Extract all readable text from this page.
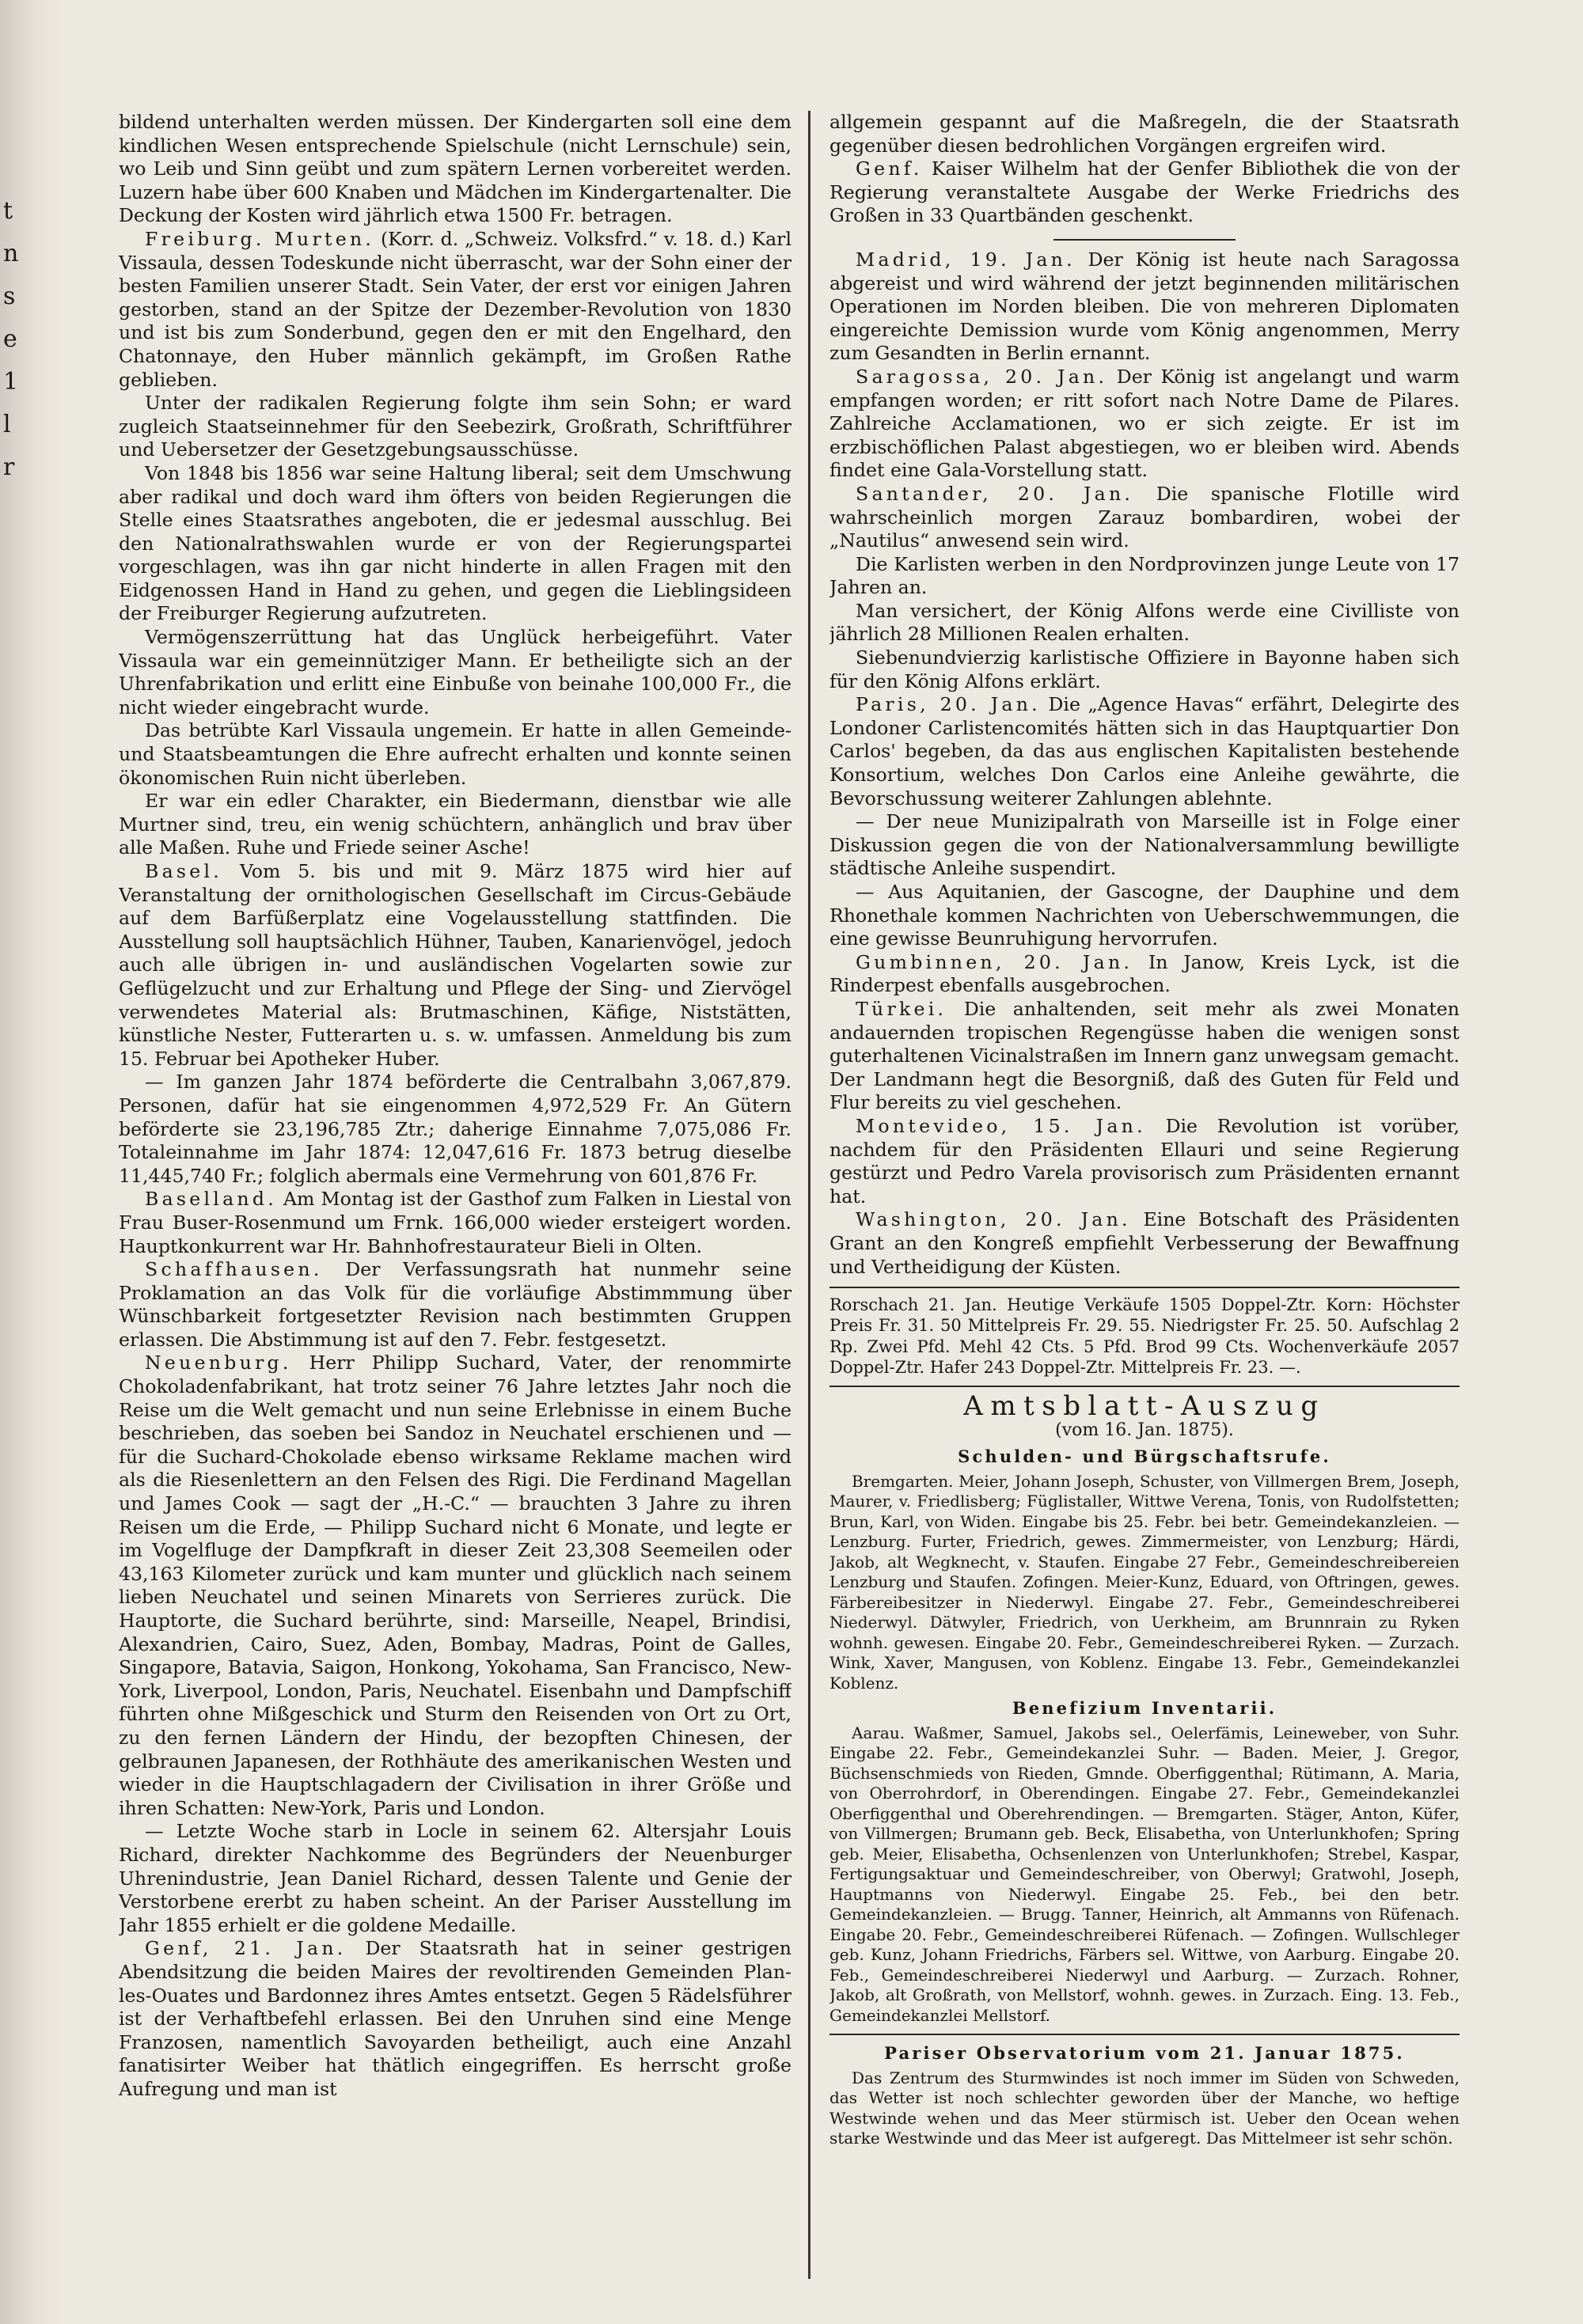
t
n
s
e
1
l
r

bildend unterhalten werden müssen. Der Kindergarten soll eine dem kindlichen Wesen entsprechende Spielschule (nicht Lernschule) sein, wo Leib und Sinn geübt und zum spätern Lernen vorbereitet werden. Luzern habe über 600 Knaben und Mädchen im Kindergartenalter. Die Deckung der Kosten wird jährlich etwa 1500 Fr. betragen.

Freiburg. Murten. (Korr. d. „Schweiz. Volksfrd.“ v. 18. d.) Karl Vissaula, dessen Todeskunde nicht überrascht, war der Sohn einer der besten Familien unserer Stadt. Sein Vater, der erst vor einigen Jahren gestorben, stand an der Spitze der Dezember-Revolution von 1830 und ist bis zum Sonderbund, gegen den er mit den Engelhard, den Chatonnaye, den Huber männlich gekämpft, im Großen Rathe geblieben.

Unter der radikalen Regierung folgte ihm sein Sohn; er ward zugleich Staatseinnehmer für den Seebezirk, Großrath, Schriftführer und Uebersetzer der Gesetzgebungsausschüsse.

Von 1848 bis 1856 war seine Haltung liberal; seit dem Umschwung aber radikal und doch ward ihm öfters von beiden Regierungen die Stelle eines Staatsrathes angeboten, die er jedesmal ausschlug. Bei den Nationalrathswahlen wurde er von der Regierungspartei vorgeschlagen, was ihn gar nicht hinderte in allen Fragen mit den Eidgenossen Hand in Hand zu gehen, und gegen die Lieblingsideen der Freiburger Regierung aufzutreten.

Vermögenszerrüttung hat das Unglück herbeigeführt. Vater Vissaula war ein gemeinnütziger Mann. Er betheiligte sich an der Uhrenfabrikation und erlitt eine Einbuße von beinahe 100,000 Fr., die nicht wieder eingebracht wurde.

Das betrübte Karl Vissaula ungemein. Er hatte in allen Gemeinde- und Staatsbeamtungen die Ehre aufrecht erhalten und konnte seinen ökonomischen Ruin nicht überleben.

Er war ein edler Charakter, ein Biedermann, dienstbar wie alle Murtner sind, treu, ein wenig schüchtern, anhänglich und brav über alle Maßen. Ruhe und Friede seiner Asche!

Basel. Vom 5. bis und mit 9. März 1875 wird hier auf Veranstaltung der ornithologischen Gesellschaft im Circus-Gebäude auf dem Barfüßerplatz eine Vogelausstellung stattfinden. Die Ausstellung soll hauptsächlich Hühner, Tauben, Kanarienvögel, jedoch auch alle übrigen in- und ausländischen Vogelarten sowie zur Geflügelzucht und zur Erhaltung und Pflege der Sing- und Ziervögel verwendetes Material als: Brutmaschinen, Käfige, Niststätten, künstliche Nester, Futterarten u. s. w. umfassen. Anmeldung bis zum 15. Februar bei Apotheker Huber.

— Im ganzen Jahr 1874 beförderte die Centralbahn 3,067,879. Personen, dafür hat sie eingenommen 4,972,529 Fr. An Gütern beförderte sie 23,196,785 Ztr.; daherige Einnahme 7,075,086 Fr. Totaleinnahme im Jahr 1874: 12,047,616 Fr. 1873 betrug dieselbe 11,445,740 Fr.; folglich abermals eine Vermehrung von 601,876 Fr.

Baselland. Am Montag ist der Gasthof zum Falken in Liestal von Frau Buser-Rosenmund um Frnk. 166,000 wieder ersteigert worden. Hauptkonkurrent war Hr. Bahnhofrestaurateur Bieli in Olten.

Schaffhausen. Der Verfassungsrath hat nunmehr seine Proklamation an das Volk für die vorläufige Abstimmmung über Wünschbarkeit fortgesetzter Revision nach bestimmten Gruppen erlassen. Die Abstimmung ist auf den 7. Febr. festgesetzt.

Neuenburg. Herr Philipp Suchard, Vater, der renommirte Chokoladenfabrikant, hat trotz seiner 76 Jahre letztes Jahr noch die Reise um die Welt gemacht und nun seine Erlebnisse in einem Buche beschrieben, das soeben bei Sandoz in Neuchatel erschienen und — für die Suchard-Chokolade ebenso wirksame Reklame machen wird als die Riesenlettern an den Felsen des Rigi. Die Ferdinand Magellan und James Cook — sagt der „H.-C.“ — brauchten 3 Jahre zu ihren Reisen um die Erde, — Philipp Suchard nicht 6 Monate, und legte er im Vogelfluge der Dampfkraft in dieser Zeit 23,308 Seemeilen oder 43,163 Kilometer zurück und kam munter und glücklich nach seinem lieben Neuchatel und seinen Minarets von Serrieres zurück. Die Hauptorte, die Suchard berührte, sind: Marseille, Neapel, Brindisi, Alexandrien, Cairo, Suez, Aden, Bombay, Madras, Point de Galles, Singapore, Batavia, Saigon, Honkong, Yokohama, San Francisco, New-York, Liverpool, London, Paris, Neuchatel. Eisenbahn und Dampfschiff führten ohne Mißgeschick und Sturm den Reisenden von Ort zu Ort, zu den fernen Ländern der Hindu, der bezopften Chinesen, der gelbraunen Japanesen, der Rothhäute des amerikanischen Westen und wieder in die Hauptschlagadern der Civilisation in ihrer Größe und ihren Schatten: New-York, Paris und London.

— Letzte Woche starb in Locle in seinem 62. Altersjahr Louis Richard, direkter Nachkomme des Begründers der Neuenburger Uhrenindustrie, Jean Daniel Richard, dessen Talente und Genie der Verstorbene ererbt zu haben scheint. An der Pariser Ausstellung im Jahr 1855 erhielt er die goldene Medaille.

Genf, 21. Jan. Der Staatsrath hat in seiner gestrigen Abendsitzung die beiden Maires der revoltirenden Gemeinden Plan-les-Ouates und Bardonnez ihres Amtes entsetzt. Gegen 5 Rädelsführer ist der Verhaftbefehl erlassen. Bei den Unruhen sind eine Menge Franzosen, namentlich Savoyarden betheiligt, auch eine Anzahl fanatisirter Weiber hat thätlich eingegriffen. Es herrscht große Aufregung und man ist

allgemein gespannt auf die Maßregeln, die der Staatsrath gegenüber diesen bedrohlichen Vorgängen ergreifen wird.

Genf. Kaiser Wilhelm hat der Genfer Bibliothek die von der Regierung veranstaltete Ausgabe der Werke Friedrichs des Großen in 33 Quartbänden geschenkt.

Madrid, 19. Jan. Der König ist heute nach Saragossa abgereist und wird während der jetzt beginnenden militärischen Operationen im Norden bleiben. Die von mehreren Diplomaten eingereichte Demission wurde vom König angenommen, Merry zum Gesandten in Berlin ernannt.

Saragossa, 20. Jan. Der König ist angelangt und warm empfangen worden; er ritt sofort nach Notre Dame de Pilares. Zahlreiche Acclamationen, wo er sich zeigte. Er ist im erzbischöflichen Palast abgestiegen, wo er bleiben wird. Abends findet eine Gala-Vorstellung statt.

Santander, 20. Jan. Die spanische Flotille wird wahrscheinlich morgen Zarauz bombardiren, wobei der „Nautilus“ anwesend sein wird.

Die Karlisten werben in den Nordprovinzen junge Leute von 17 Jahren an.

Man versichert, der König Alfons werde eine Civilliste von jährlich 28 Millionen Realen erhalten.

Siebenundvierzig karlistische Offiziere in Bayonne haben sich für den König Alfons erklärt.

Paris, 20. Jan. Die „Agence Havas“ erfährt, Delegirte des Londoner Carlistencomités hätten sich in das Hauptquartier Don Carlos' begeben, da das aus englischen Kapitalisten bestehende Konsortium, welches Don Carlos eine Anleihe gewährte, die Bevorschussung weiterer Zahlungen ablehnte.

— Der neue Munizipalrath von Marseille ist in Folge einer Diskussion gegen die von der Nationalversammlung bewilligte städtische Anleihe suspendirt.

— Aus Aquitanien, der Gascogne, der Dauphine und dem Rhonethale kommen Nachrichten von Ueberschwemmungen, die eine gewisse Beunruhigung hervorrufen.

Gumbinnen, 20. Jan. In Janow, Kreis Lyck, ist die Rinderpest ebenfalls ausgebrochen.

Türkei. Die anhaltenden, seit mehr als zwei Monaten andauernden tropischen Regengüsse haben die wenigen sonst guterhaltenen Vicinalstraßen im Innern ganz unwegsam gemacht. Der Landmann hegt die Besorgniß, daß des Guten für Feld und Flur bereits zu viel geschehen.

Montevideo, 15. Jan. Die Revolution ist vorüber, nachdem für den Präsidenten Ellauri und seine Regierung gestürzt und Pedro Varela provisorisch zum Präsidenten ernannt hat.

Washington, 20. Jan. Eine Botschaft des Präsidenten Grant an den Kongreß empfiehlt Verbesserung der Bewaffnung und Vertheidigung der Küsten.

Rorschach 21. Jan. Heutige Verkäufe 1505 Doppel-Ztr. Korn: Höchster Preis Fr. 31. 50 Mittelpreis Fr. 29. 55. Niedrigster Fr. 25. 50. Aufschlag 2 Rp. Zwei Pfd. Mehl 42 Cts. 5 Pfd. Brod 99 Cts. Wochenverkäufe 2057 Doppel-Ztr. Hafer 243 Doppel-Ztr. Mittelpreis Fr. 23. —.

Amtsblatt-Auszug
(vom 16. Jan. 1875).
Schulden- und Bürgschaftsrufe.

Bremgarten. Meier, Johann Joseph, Schuster, von Villmergen Brem, Joseph, Maurer, v. Friedlisberg; Füglistaller, Wittwe Verena, Tonis, von Rudolfstetten; Brun, Karl, von Widen. Eingabe bis 25. Febr. bei betr. Gemeindekanzleien. — Lenzburg. Furter, Friedrich, gewes. Zimmermeister, von Lenzburg; Härdi, Jakob, alt Wegknecht, v. Staufen. Eingabe 27 Febr., Gemeindeschreibereien Lenzburg und Staufen. Zofingen. Meier-Kunz, Eduard, von Oftringen, gewes. Färbereibesitzer in Niederwyl. Eingabe 27. Febr., Gemeindeschreiberei Niederwyl. Dätwyler, Friedrich, von Uerkheim, am Brunnrain zu Ryken wohnh. gewesen. Eingabe 20. Febr., Gemeindeschreiberei Ryken. — Zurzach. Wink, Xaver, Mangusen, von Koblenz. Eingabe 13. Febr., Gemeindekanzlei Koblenz.

Benefizium Inventarii.

Aarau. Waßmer, Samuel, Jakobs sel., Oelerfämis, Leineweber, von Suhr. Eingabe 22. Febr., Gemeindekanzlei Suhr. — Baden. Meier, J. Gregor, Büchsenschmieds von Rieden, Gmnde. Oberfiggenthal; Rütimann, A. Maria, von Oberrohrdorf, in Oberendingen. Eingabe 27. Febr., Gemeindekanzlei Oberfiggenthal und Oberehrendingen. — Bremgarten. Stäger, Anton, Küfer, von Villmergen; Brumann geb. Beck, Elisabetha, von Unterlunkhofen; Spring geb. Meier, Elisabetha, Ochsenlenzen von Unterlunkhofen; Strebel, Kaspar, Fertigungsaktuar und Gemeindeschreiber, von Oberwyl; Gratwohl, Joseph, Hauptmanns von Niederwyl. Eingabe 25. Feb., bei den betr. Gemeindekanzleien. — Brugg. Tanner, Heinrich, alt Ammanns von Rüfenach. Eingabe 20. Febr., Gemeindeschreiberei Rüfenach. — Zofingen. Wullschleger geb. Kunz, Johann Friedrichs, Färbers sel. Wittwe, von Aarburg. Eingabe 20. Feb., Gemeindeschreiberei Niederwyl und Aarburg. — Zurzach. Rohner, Jakob, alt Großrath, von Mellstorf, wohnh. gewes. in Zurzach. Eing. 13. Feb., Gemeindekanzlei Mellstorf.

Pariser Observatorium vom 21. Januar 1875.

Das Zentrum des Sturmwindes ist noch immer im Süden von Schweden, das Wetter ist noch schlechter geworden über der Manche, wo heftige Westwinde wehen und das Meer stürmisch ist. Ueber den Ocean wehen starke Westwinde und das Meer ist aufgeregt. Das Mittelmeer ist sehr schön.
